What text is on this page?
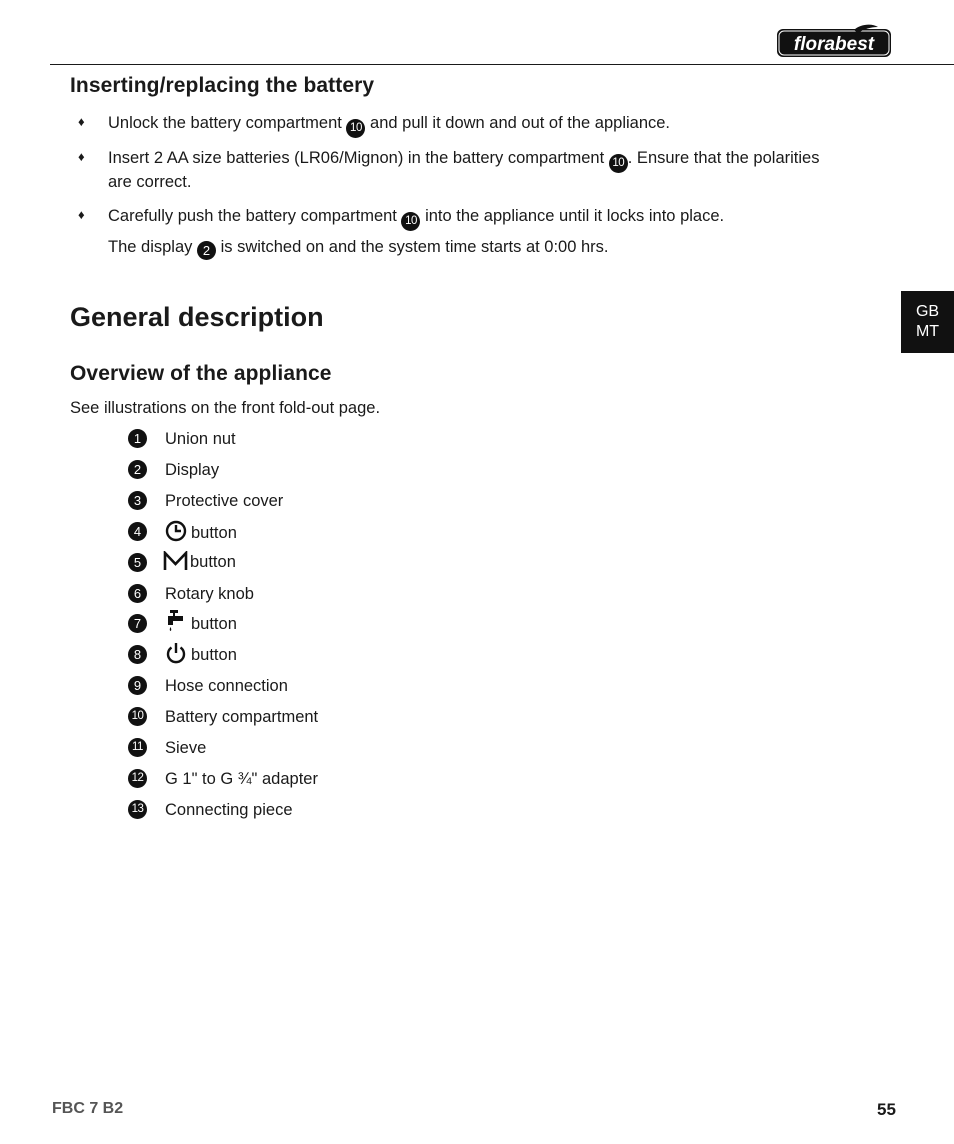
florabest
GB
MT
Inserting/replacing the battery
♦ Unlock the battery compartment 10 and pull it down and out of the appliance.
♦ Insert 2 AA size batteries (LR06/Mignon) in the battery compartment 10 . Ensure that the polarities
are correct.
♦ Carefully push the battery compartment 10 into the appliance until it locks into place.
The display 2 is switched on and the system time starts at 0:00 hrs.
General description
Overview of the appliance
See illustrations on the front fold-out page.
1	Union nut
2	Display
3	Protective cover
4	button
5	button
6	Rotary knob
7	button
8	button
9	Hose connection
10 Battery compartment
11 Sieve
12 G 1" to G ¾" adapter
13 Connecting piece
FBC 7 B2	55
